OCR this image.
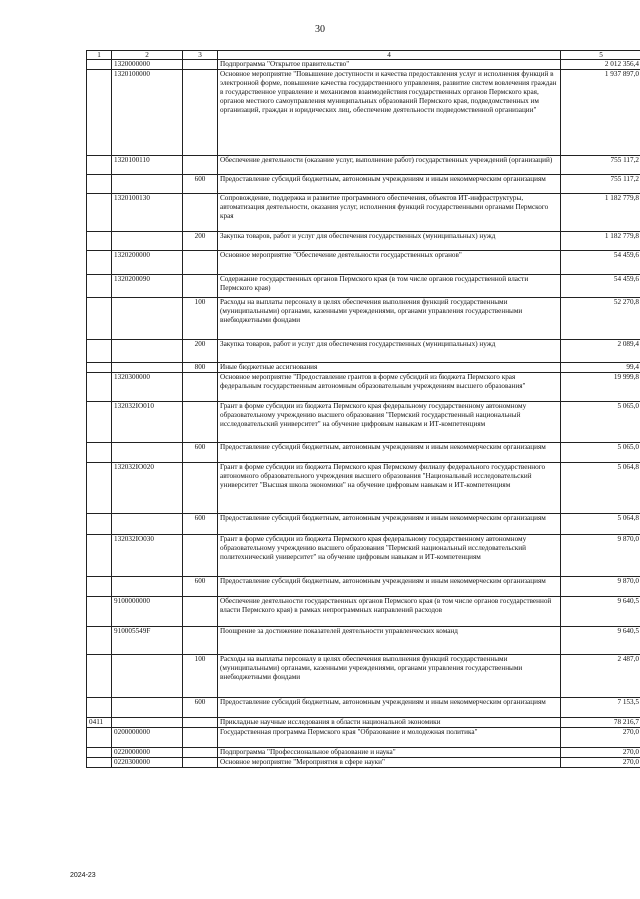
30
1	2	3	4	5
	1320000000		Подпрограмма "Открытое правительство"	2 012 356,4
	1320100000		Основное мероприятие "Повышение доступности и качества предоставления услуг и исполнения функций в электронной форме, повышение качества государственного управления, развитие систем вовлечения граждан в государственное управление и механизмов взаимодействия государственных органов Пермского края, органов местного самоуправления муниципальных образований Пермского края, подведомственных им организаций, граждан и юридических лиц, обеспечение деятельности подведомственной организации"	1 937 897,0
	1320100110		Обеспечение деятельности (оказание услуг, выполнение работ) государственных учреждений (организаций)	755 117,2
		600	Предоставление субсидий бюджетным, автономным учреждениям и иным некоммерческим организациям	755 117,2
	1320100130		Сопровождение, поддержка и развитие программного обеспечения, объектов ИТ-инфраструктуры, автоматизация деятельности, оказания услуг, исполнения функций государственными органами Пермского края	1 182 779,8
		200	Закупка товаров, работ и услуг для обеспечения государственных (муниципальных) нужд	1 182 779,8
	1320200000		Основное мероприятие "Обеспечение деятельности государственных органов"	54 459,6
	1320200090		Содержание государственных органов Пермского края (в том числе органов государственной власти Пермского края)	54 459,6
		100	Расходы на выплаты персоналу в целях обеспечения выполнения функций государственными (муниципальными) органами, казенными учреждениями, органами управления государственными внебюджетными фондами	52 270,8
		200	Закупка товаров, работ и услуг для обеспечения государственных (муниципальных) нужд	2 089,4
		800	Иные бюджетные ассигнования	99,4
	1320300000		Основное мероприятие "Предоставление грантов в форме субсидий из бюджета Пермского края федеральным государственным автономным образовательным учреждениям высшего образования"	19 999,8
	132032IO010		Грант в форме субсидии из бюджета Пермского края федеральному государственному автономному образовательному учреждению высшего образования "Пермский государственный национальный исследовательский университет" на обучение цифровым навыкам и ИТ-компетенциям	5 065,0
		600	Предоставление субсидий бюджетным, автономным учреждениям и иным некоммерческим организациям	5 065,0
	132032IO020		Грант в форме субсидии из бюджета Пермского края Пермскому филиалу федерального государственного автономного образовательного учреждения высшего образования "Национальный исследовательский университет "Высшая школа экономики" на обучение цифровым навыкам и ИТ-компетенциям	5 064,8
		600	Предоставление субсидий бюджетным, автономным учреждениям и иным некоммерческим организациям	5 064,8
	132032IO030		Грант в форме субсидии из бюджета Пермского края федеральному государственному автономному образовательному учреждению высшего образования "Пермский национальный исследовательский политехнический университет" на обучение цифровым навыкам и ИТ-компетенциям	9 870,0
		600	Предоставление субсидий бюджетным, автономным учреждениям и иным некоммерческим организациям	9 870,0
	9100000000		Обеспечение деятельности государственных органов Пермского края (в том числе органов государственной власти Пермского края) в рамках непрограммных направлений расходов	9 640,5
	910005549F		Поощрение за достижение показателей деятельности управленческих команд	9 640,5
		100	Расходы на выплаты персоналу в целях обеспечения выполнения функций государственными (муниципальными) органами, казенными учреждениями, органами управления государственными внебюджетными фондами	2 487,0
		600	Предоставление субсидий бюджетным, автономным учреждениям и иным некоммерческим организациям	7 153,5
0411			Прикладные научные исследования в области национальной экономики	78 216,7
	0200000000		Государственная программа Пермского края "Образование и молодежная политика"	270,0
	0220000000		Подпрограмма "Профессиональное образование и наука"	270,0
	0220300000		Основное мероприятие "Мероприятия в сфере науки"	270,0
2024-23
